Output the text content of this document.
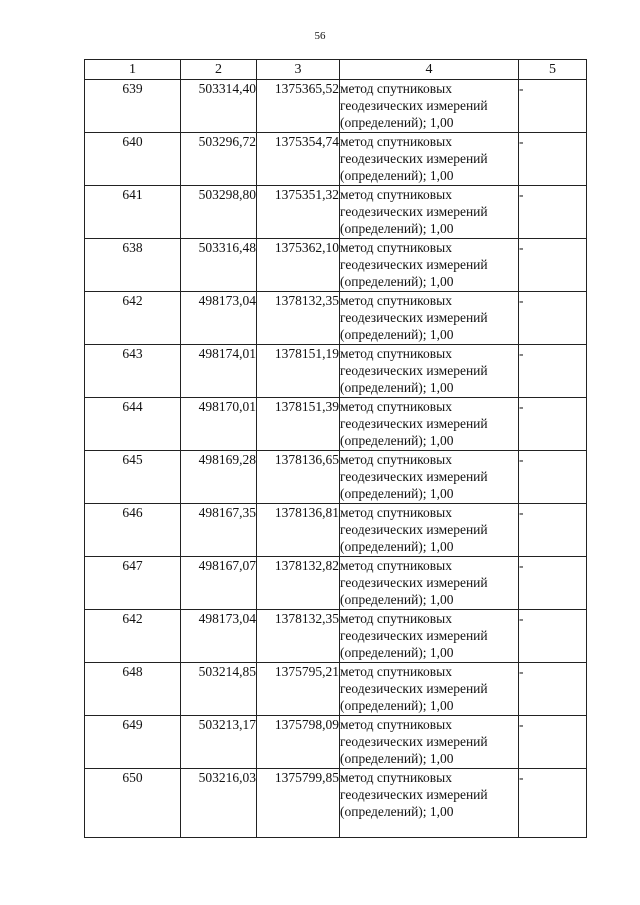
56
1	2	3	4	5
639	503314,40	1375365,52	метод спутниковых
геодезических измерений
(определений); 1,00	-
640	503296,72	1375354,74	метод спутниковых
геодезических измерений
(определений); 1,00	-
641	503298,80	1375351,32	метод спутниковых
геодезических измерений
(определений); 1,00	-
638	503316,48	1375362,10	метод спутниковых
геодезических измерений
(определений); 1,00	-
642	498173,04	1378132,35	метод спутниковых
геодезических измерений
(определений); 1,00	-
643	498174,01	1378151,19	метод спутниковых
геодезических измерений
(определений); 1,00	-
644	498170,01	1378151,39	метод спутниковых
геодезических измерений
(определений); 1,00	-
645	498169,28	1378136,65	метод спутниковых
геодезических измерений
(определений); 1,00	-
646	498167,35	1378136,81	метод спутниковых
геодезических измерений
(определений); 1,00	-
647	498167,07	1378132,82	метод спутниковых
геодезических измерений
(определений); 1,00	-
642	498173,04	1378132,35	метод спутниковых
геодезических измерений
(определений); 1,00	-
648	503214,85	1375795,21	метод спутниковых
геодезических измерений
(определений); 1,00	-
649	503213,17	1375798,09	метод спутниковых
геодезических измерений
(определений); 1,00	-
650	503216,03	1375799,85	метод спутниковых
геодезических измерений
(определений); 1,00	-
